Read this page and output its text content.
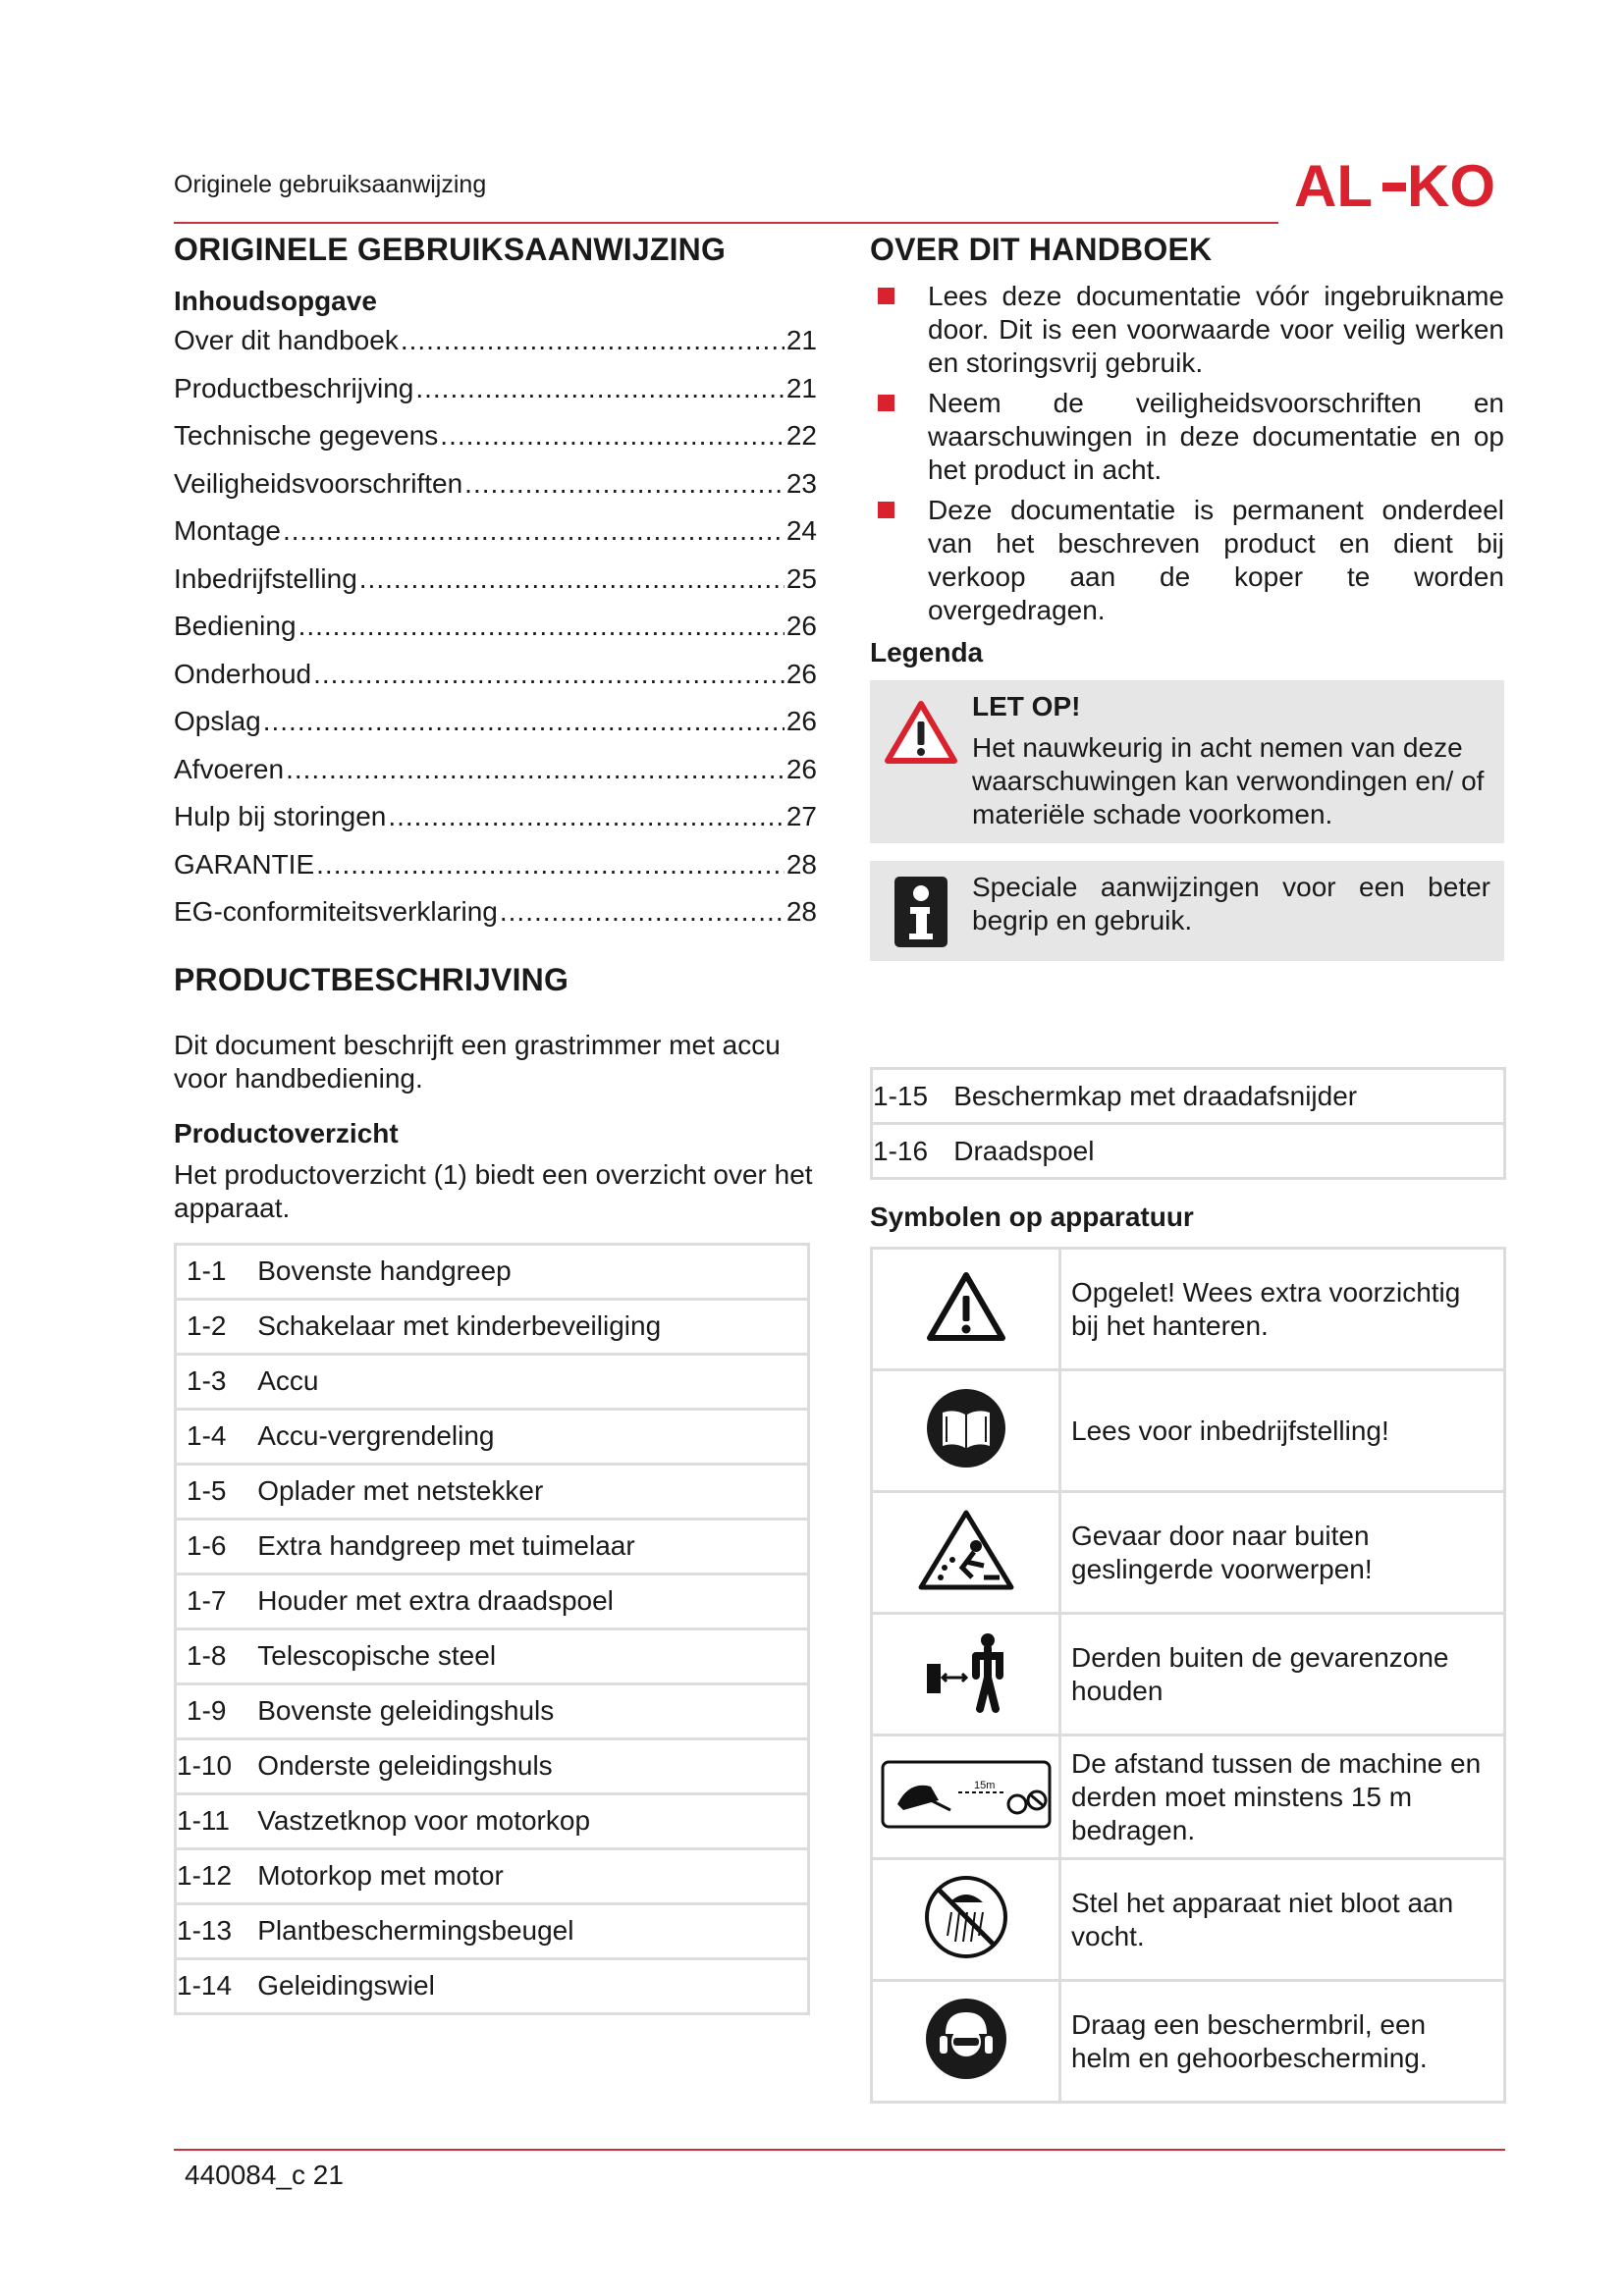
Originele gebruiksaanwijzing	AL KO
ORIGINELE GEBRUIKSAANWIJZING
Inhoudsopgave
Over dit handboek .....	21
Productbeschrijving .....	21
Technische gegevens .....	22
Veiligheidsvoorschriften .....	23
Montage .....	24
Inbedrijfstelling .....	25
Bediening .....	26
Onderhoud .....	26
Opslag .....	26
Afvoeren .....	26
Hulp bij storingen .....	27
GARANTIE .....	28
EG-conformiteitsverklaring .....	28
PRODUCTBESCHRIJVING

Dit document beschrijft een grastrimmer met accu voor handbediening.

Productoverzicht

Het productoverzicht (1) biedt een overzicht over het apparaat.

1-1	Bovenste handgreep
1-2	Schakelaar met kinderbeveiliging
1-3	Accu
1-4	Accu-vergrendeling
1-5	Oplader met netstekker
1-6	Extra handgreep met tuimelaar
1-7	Houder met extra draadspoel
1-8	Telescopische steel
1-9	Bovenste geleidingshuls
1-10	Onderste geleidingshuls
1-11	Vastzetknop voor motorkop
1-12	Motorkop met motor
1-13	Plantbeschermingsbeugel
1-14	Geleidingswiel
OVER DIT HANDBOEK
Lees deze documentatie vóór ingebruikname door. Dit is een voorwaarde voor veilig werken en storingsvrij gebruik.
Neem de veiligheidsvoorschriften en waarschuwingen in deze documentatie en op het product in acht.
Deze documentatie is permanent onderdeel van het beschreven product en dient bij verkoop aan de koper te worden overgedragen.
Legenda
LET OP!
Het nauwkeurig in acht nemen van deze waarschuwingen kan verwondingen en/ of materiële schade voorkomen.
Speciale aanwijzingen voor een beter begrip en gebruik.
1-15	Beschermkap met draadafsnijder
1-16	Draadspoel
Symbolen op apparatuur
	Opgelet! Wees extra voorzichtig bij het hanteren.
	Lees voor inbedrijfstelling!
	Gevaar door naar buiten geslingerde voorwerpen!
	Derden buiten de gevarenzone houden

15m	De afstand tussen de machine en derden moet minstens 15 m bedragen.
	Stel het apparaat niet bloot aan vocht.
	Draag een beschermbril, een helm en gehoorbescherming.
440084_c 21
